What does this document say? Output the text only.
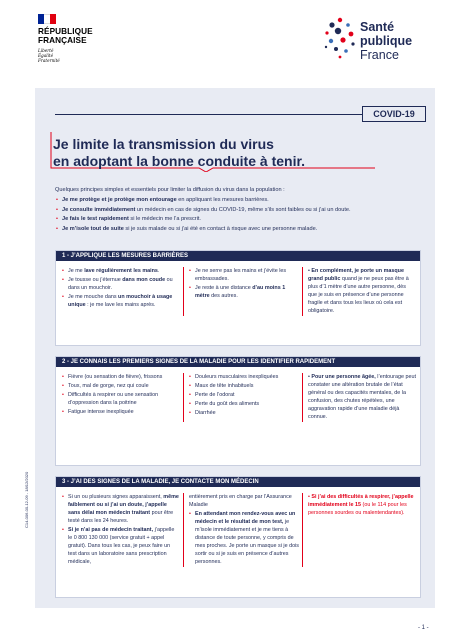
RÉPUBLIQUE
FRANÇAISE
Liberté
Égalité
Fraternité
Santé
publique
France
COVID-19
Je limite la transmission du virus
en adoptant la bonne conduite à tenir.
Quelques principes simples et essentiels pour limiter la diffusion du virus dans la population :
• Je me protège et je protège mon entourage en appliquant les mesures barrières.
• Je consulte immédiatement un médecin en cas de signes du COVID-19, même s’ils sont faibles ou si j’ai un doute.
• Je fais le test rapidement si le médecin me l’a prescrit.
• Je m’isole tout de suite si je suis malade ou si j’ai été en contact à risque avec une personne malade.
1 - J’APPLIQUE LES MESURES BARRIÈRES
• Je me lave régulièrement les mains.
• Je tousse ou j’éternue dans mon coude ou dans un mouchoir.
• Je me mouche dans un mouchoir à usage unique : je me lave les mains après.
• Je ne serre pas les mains et j’évite les embrassades.
• Je reste à une distance d’au moins 1 mètre des autres.

• En complément, je porte un masque grand public quand je ne peux pas être à plus d’1 mètre d’une autre personne, dès que je suis en présence d’une personne fragile et dans tous les lieux où cela est obligatoire.

2 - JE CONNAIS LES PREMIERS SIGNES DE LA MALADIE POUR LES IDENTIFIER RAPIDEMENT
• Fièvre (ou sensation de fièvre), frissons
• Toux, mal de gorge, nez qui coule
• Difficultés à respirer ou une sensation d’oppression dans la poitrine
• Fatigue intense inexpliquée
• Douleurs musculaires inexpliquées
• Maux de tête inhabituels
• Perte de l’odorat
• Perte du goût des aliments
• Diarrhée

• Pour une personne âgée, l’entourage peut constater une altération brutale de l’état général ou des capacités mentales, de la confusion, des chutes répétées, une aggravation rapide d’une maladie déjà connue.

3 - J’AI DES SIGNES DE LA MALADIE, JE CONTACTE MON MÉDECIN
• Si un ou plusieurs signes apparaissent, même faiblement ou si j’ai un doute, j’appelle sans délai mon médecin traitant pour être testé dans les 24 heures.
• Si je n’ai pas de médecin traitant, j’appelle le 0 800 130 000 (service gratuit + appel gratuit). Dans tous les cas, je peux faire un test dans un laboratoire sans prescription médicale,

entièrement pris en charge par l’Assurance Maladie

• En attendant mon rendez-vous avec un médecin et le résultat de mon test, je m’isole immédiatement et je me tiens à distance de toute personne, y compris de mes proches. Je porte un masque si je dois sortir ou si je suis en présence d’autres personnes.

• Si j’ai des difficultés à respirer, j’appelle immédiatement le 15 (ou le 114 pour les personnes sourdes ou malentendantes).

C14-006-00-12-09 - 18/12/2020
- 1 -
